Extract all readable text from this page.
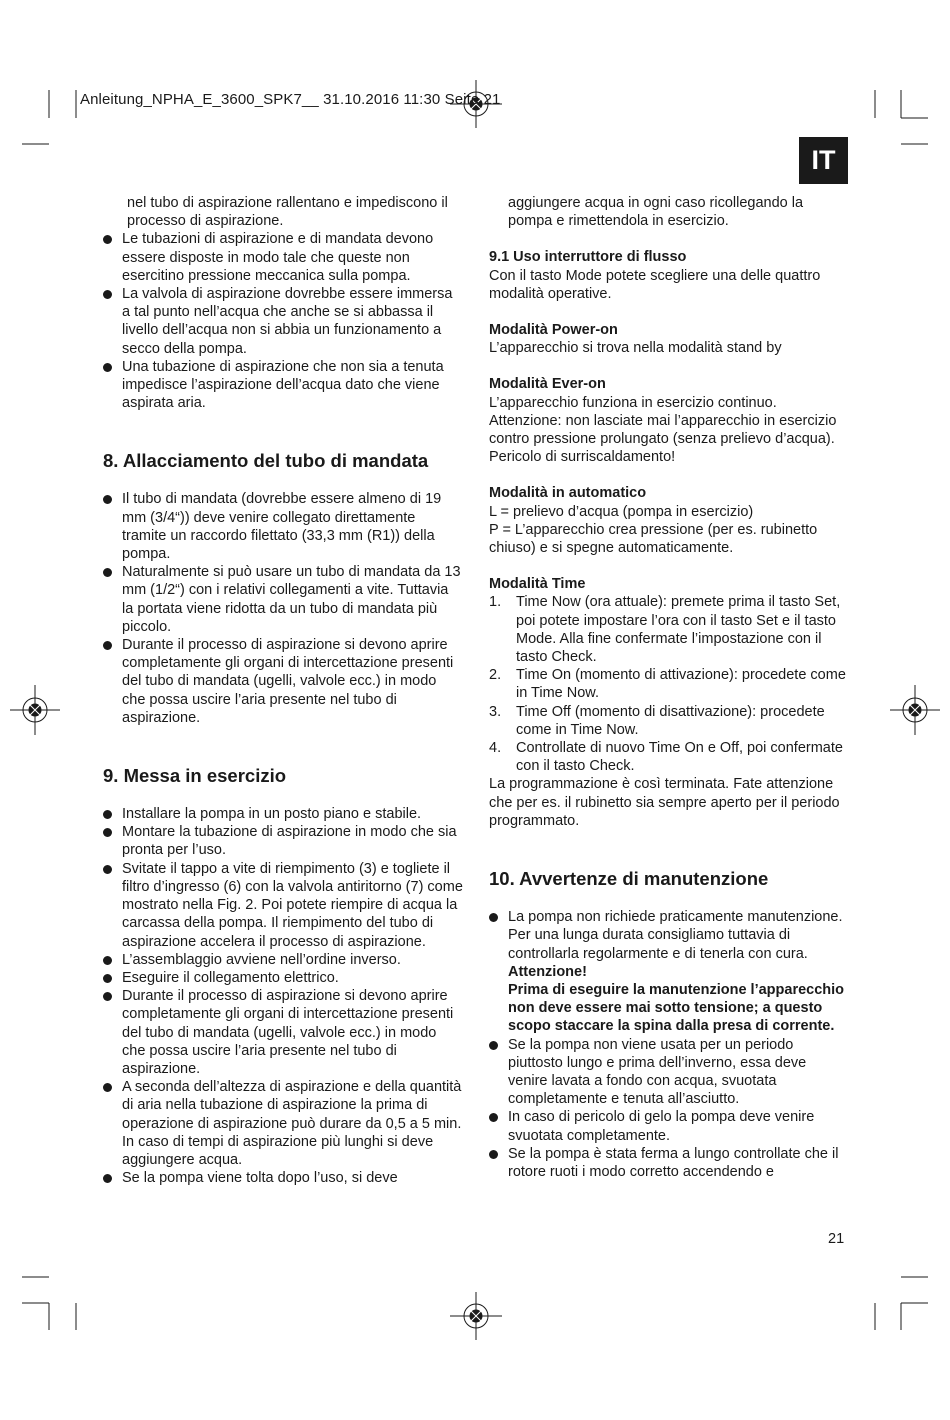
Anleitung_NPHA_E_3600_SPK7__ 31.10.2016 11:30 Seite 21
IT
nel tubo di aspirazione rallentano e impediscono il processo di aspirazione.
Le tubazioni di aspirazione e di mandata devono essere disposte in modo tale che queste non esercitino pressione meccanica sulla pompa.
La valvola di aspirazione dovrebbe essere immersa a tal punto nell’acqua che anche se si abbassa il livello dell’acqua non si abbia un funzionamento a secco della pompa.
Una tubazione di aspirazione che non sia a tenuta impedisce l’aspirazione dell’acqua dato che viene aspirata aria.
8. Allacciamento del tubo di mandata
Il tubo di mandata (dovrebbe essere almeno di 19 mm (3/4“)) deve venire collegato direttamente tramite un raccordo filettato (33,3 mm (R1)) della pompa.
Naturalmente si può usare un tubo di mandata da 13 mm (1/2“) con i relativi collegamenti a vite. Tuttavia la portata viene ridotta da un tubo di mandata più piccolo.
Durante il processo di aspirazione si devono aprire completamente gli organi di intercettazione presenti del tubo di mandata (ugelli, valvole ecc.) in modo che possa uscire l’aria presente nel tubo di aspirazione.
9. Messa in esercizio
Installare la pompa in un posto piano e stabile.
Montare la tubazione di aspirazione in modo che sia pronta per l’uso.
Svitate il tappo a vite di riempimento (3) e togliete il filtro d’ingresso (6) con la valvola antiritorno (7) come mostrato nella Fig. 2. Poi potete riempire di acqua la carcassa della pompa. Il riempimento del tubo di aspirazione accelera il processo di aspirazione.
L’assemblaggio avviene nell’ordine inverso.
Eseguire il collegamento elettrico.
Durante il processo di aspirazione si devono aprire completamente gli organi di intercettazione presenti del tubo di mandata (ugelli, valvole ecc.) in modo che possa uscire l’aria presente nel tubo di aspirazione.
A seconda dell’altezza di aspirazione e della quantità di aria nella tubazione di aspirazione la prima di operazione di aspirazione può durare da 0,5 a 5 min. In caso di tempi di aspirazione più lunghi si deve aggiungere acqua.
Se la pompa viene tolta dopo l’uso, si deve

aggiungere acqua in ogni caso ricollegando la pompa e rimettendola in esercizio.

9.1 Uso interruttore di flusso

Con il tasto Mode potete scegliere una delle quattro modalità operative.

Modalità Power-on

L’apparecchio si trova nella modalità stand by

Modalità Ever-on

L’apparecchio funziona in esercizio continuo. Attenzione: non lasciate mai l’apparecchio in esercizio contro pressione prolungato (senza prelievo d’acqua). Pericolo di surriscaldamento!

Modalità in automatico

L = prelievo d’acqua (pompa in esercizio)

P = L’apparecchio crea pressione (per es. rubinetto chiuso) e si spegne automaticamente.

Modalità Time
1. Time Now (ora attuale): premete prima il tasto Set, poi potete impostare l’ora con il tasto Set e il tasto Mode. Alla fine confermate l’impostazione con il tasto Check.
2. Time On (momento di attivazione): procedete come in Time Now.
3. Time Off (momento di disattivazione): procedete come in Time Now.
4. Controllate di nuovo Time On e Off, poi confermate con il tasto Check.

La programmazione è così terminata. Fate attenzione che per es. il rubinetto sia sempre aperto per il periodo programmato.

10. Avvertenze di manutenzione
La pompa non richiede praticamente manutenzione. Per una lunga durata consigliamo tuttavia di controllarla regolarmente e di tenerla con cura.
Attenzione!
Prima di eseguire la manutenzione l’apparecchio non deve essere mai sotto tensione; a questo scopo staccare la spina dalla presa di corrente.
Se la pompa non viene usata per un periodo piuttosto lungo e prima dell’inverno, essa deve venire lavata a fondo con acqua, svuotata completamente e tenuta all’asciutto.
In caso di pericolo di gelo la pompa deve venire svuotata completamente.
Se la pompa è stata ferma a lungo controllate che il rotore ruoti i modo corretto accendendo e
21
